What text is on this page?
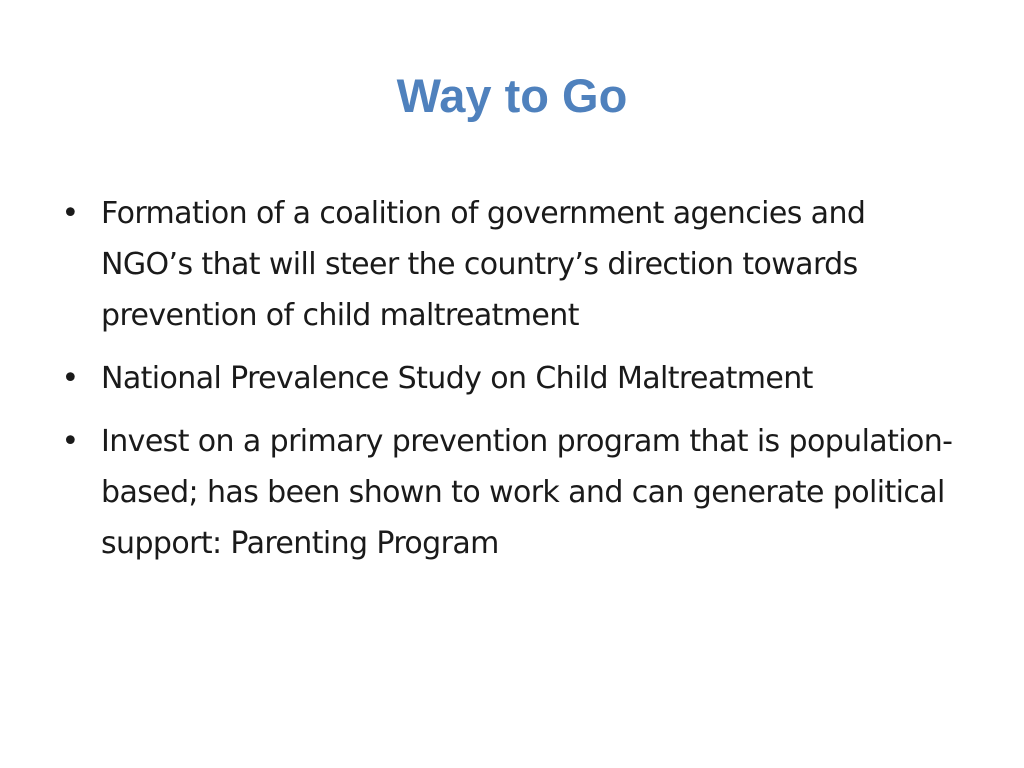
Way to Go
• Formation of a coalition of government agencies and NGO’s that will steer the country’s direction towards prevention of child maltreatment
• National Prevalence Study on Child Maltreatment
• Invest on a primary prevention program that is population-based; has been shown to work and can generate political support: Parenting Program
